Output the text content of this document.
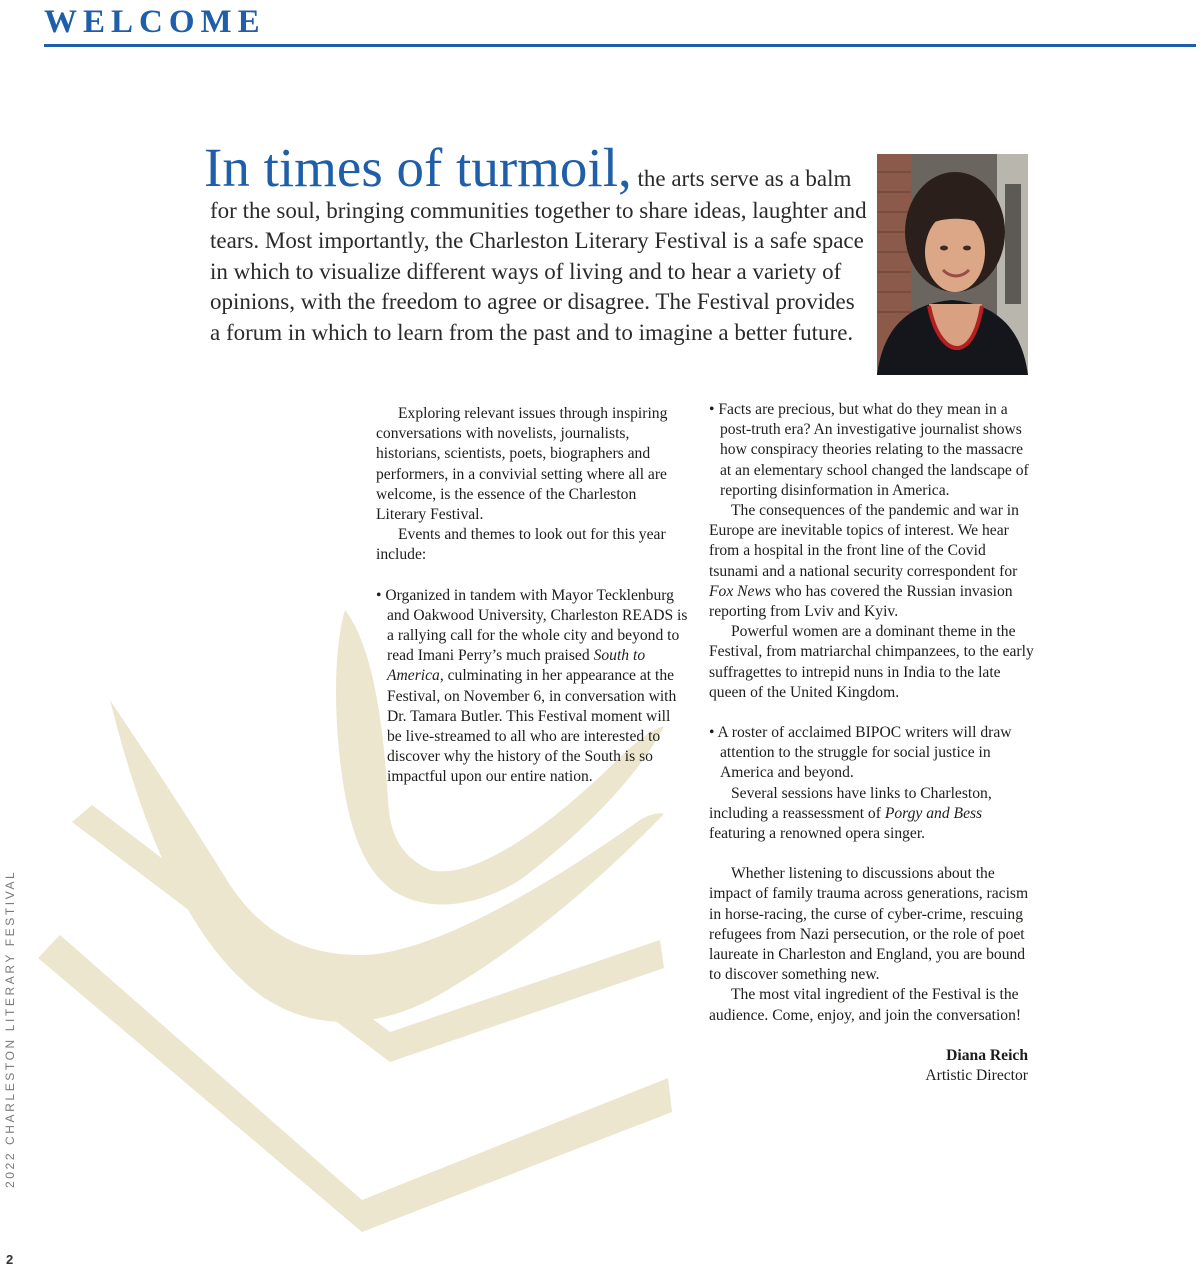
WELCOME
In times of turmoil, the arts serve as a balm for the soul, bringing communities together to share ideas, laughter and tears. Most importantly, the Charleston Literary Festival is a safe space in which to visualize different ways of living and to hear a variety of opinions, with the freedom to agree or disagree. The Festival provides a forum in which to learn from the past and to imagine a better future.

Exploring relevant issues through inspiring conversations with novelists, journalists, historians, scientists, poets, biographers and performers, in a convivial setting where all are welcome, is the essence of the Charleston Literary Festival.

Events and themes to look out for this year include:

• Organized in tandem with Mayor Tecklenburg and Oakwood University, Charleston READS is a rallying call for the whole city and beyond to read Imani Perry’s much praised South to America, culminating in her appearance at the Festival, on November 6, in conversation with Dr. Tamara Butler. This Festival moment will be live-streamed to all who are interested to discover why the history of the South is so impactful upon our entire nation.

• Facts are precious, but what do they mean in a post-truth era? An investigative journalist shows how conspiracy theories relating to the massacre at an elementary school changed the landscape of reporting disinformation in America.

The consequences of the pandemic and war in Europe are inevitable topics of interest. We hear from a hospital in the front line of the Covid tsunami and a national security correspondent for Fox News who has covered the Russian invasion reporting from Lviv and Kyiv.

Powerful women are a dominant theme in the Festival, from matriarchal chimpanzees, to the early suffragettes to intrepid nuns in India to the late queen of the United Kingdom.

• A roster of acclaimed BIPOC writers will draw attention to the struggle for social justice in America and beyond.

Several sessions have links to Charleston, including a reassessment of Porgy and Bess featuring a renowned opera singer.

Whether listening to discussions about the impact of family trauma across generations, racism in horse-racing, the curse of cyber-crime, rescuing refugees from Nazi persecution, or the role of poet laureate in Charleston and England, you are bound to discover something new.

The most vital ingredient of the Festival is the audience. Come, enjoy, and join the conversation!

Diana Reich

Artistic Director

2022 CHARLESTON LITERARY FESTIVAL
2
